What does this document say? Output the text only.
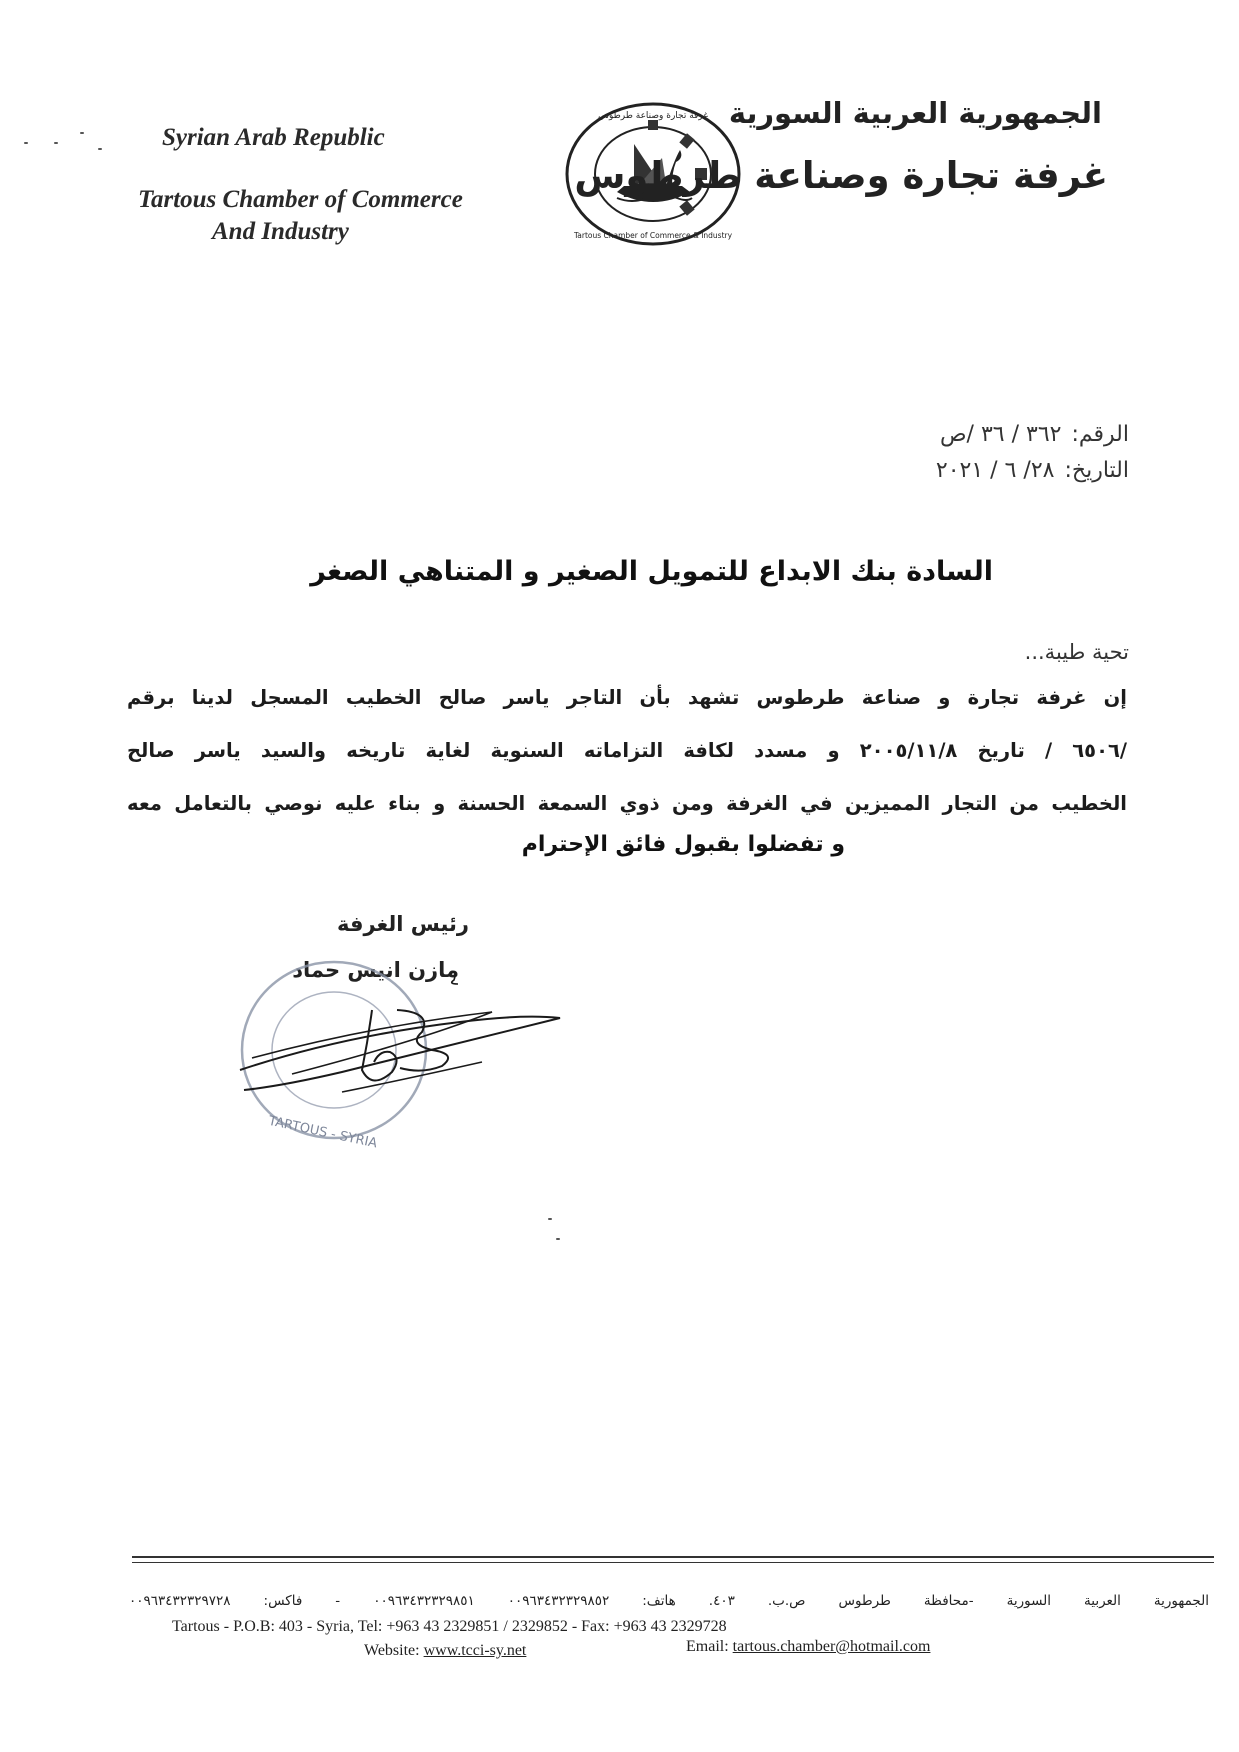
Syrian Arab Republic
Tartous Chamber of Commerce
And Industry
غرفة تجارة وصناعة طرطوس
Tartous Chamber of Commerce & Industry
الجمهورية العربية السورية
غرفة تجارة وصناعة طرطوس
الرقم:
٣٦٢ / ٣٦ /ص
التاريخ:
٢٨/ ٦ / ٢٠٢١
السادة بنك الابداع للتمويل الصغير و المتناهي الصغر
تحية طيبة...
إن غرفة تجارة و صناعة طرطوس تشهد بأن التاجر ياسر صالح الخطيب المسجل لدينا برقم
/٦٥٠٦ / تاريخ ٢٠٠٥/١١/٨ و مسدد لكافة التزاماته السنوية لغاية تاريخه والسيد ياسر صالح
الخطيب من التجار المميزين في الغرفة ومن ذوي السمعة الحسنة و بناء عليه نوصي بالتعامل معه
و تفضلوا بقبول فائق الإحترام
رئيس الغرفة
مازن انيس حماد
TARTOUS - SYRIA
الجمهورية العربية السورية -محافظة طرطوس ص.ب. ٤٠٣. هاتف: ٠٠٩٦٣٤٣٢٣٢٩٨٥٢ ٠٠٩٦٣٤٣٢٣٢٩٨٥١ - فاكس: ٠٠٩٦٣٤٣٢٣٢٩٧٢٨
Tartous - P.O.B: 403 - Syria, Tel: +963 43 2329851 / 2329852 - Fax: +963 43 2329728
Website: www.tcci-sy.net	Email: tartous.chamber@hotmail.com
